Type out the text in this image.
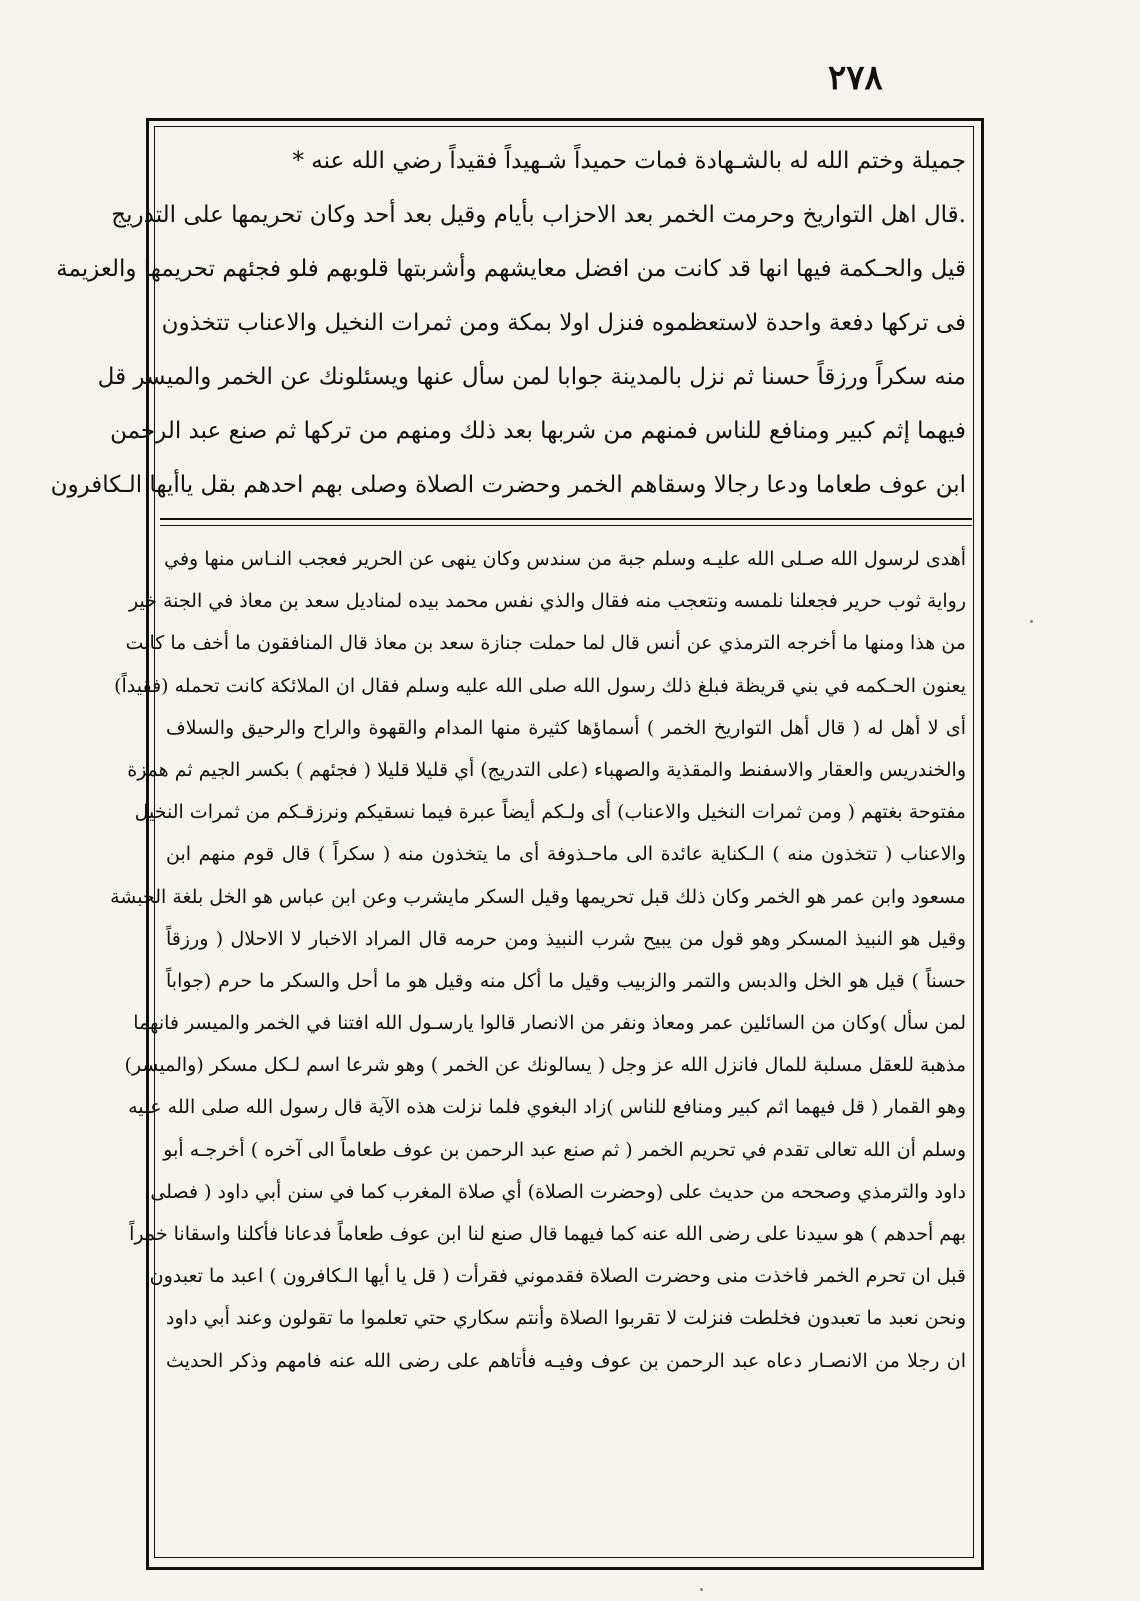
٢٧٨
جميلة وختم الله له بالشـهادة فمات حميداً شـهيداً فقيداً رضي الله عنه *
.قال اهل التواريخ وحرمت الخمر بعد الاحزاب بأيام وقيل بعد أحد وكان تحريمها على التدريج
قيل والحـكمة فيها انها قد كانت من افضل معايشهم وأشربتها قلوبهم فلو فجئهم تحريمها والعزيمة
فى تركها دفعة واحدة لاستعظموه فنزل اولا بمكة ومن ثمرات النخيل والاعناب تتخذون
منه سكراً ورزقاً حسنا ثم نزل بالمدينة جوابا لمن سأل عنها ويسئلونك عن الخمر والميسر قل
فيهما إثم كبير ومنافع للناس فمنهم من شربها بعد ذلك ومنهم من تركها ثم صنع عبد الرحمن
ابن عوف طعاما ودعا رجالا وسقاهم الخمر وحضرت الصلاة وصلى بهم احدهم بقل ياأيها الـكافرون
أهدى لرسول الله صـلى الله عليـه وسلم جبة من سندس وكان ينهى عن الحرير فعجب النـاس منها وفي
رواية ثوب حرير فجعلنا نلمسه ونتعجب منه فقال والذي نفس محمد بيده لمناديل سعد بن معاذ في الجنة خير
من هذا ومنها ما أخرجه الترمذي عن أنس قال لما حملت جنازة سعد بن معاذ قال المنافقون ما أخف ما كانت
يعنون الحـكمه في بني قريظة فبلغ ذلك رسول الله صلى الله عليه وسلم فقال ان الملائكة كانت تحمله (فقيداً)
أى لا أهل له ( قال أهل التواريخ الخمر ) أسماؤها كثيرة منها المدام والقهوة والراح والرحيق والسلاف
والخندريس والعقار والاسفنط والمقذية والصهباء (على التدريج) أي قليلا قليلا ( فجئهم ) بكسر الجيم ثم همزة
مفتوحة بغتهم ( ومن ثمرات النخيل والاعناب) أى ولـكم أيضاً عبرة فيما نسقيكم ونرزقـكم من ثمرات النخيل
والاعناب ( تتخذون منه ) الـكناية عائدة الى ماحـذوفة أى ما يتخذون منه ( سكراً ) قال قوم منهم ابن
مسعود وابن عمر هو الخمر وكان ذلك قبل تحريمها وقيل السكر مايشرب وعن ابن عباس هو الخل بلغة الحبشة
وقيل هو النبيذ المسكر وهو قول من يبيح شرب النبيذ ومن حرمه قال المراد الاخبار لا الاحلال ( ورزقاً
حسناً ) قيل هو الخل والدبس والتمر والزبيب وقيل ما أكل منه وقيل هو ما أحل والسكر ما حرم (جواباً
لمن سأل )وكان من السائلين عمر ومعاذ ونفر من الانصار قالوا يارسـول الله افتنا في الخمر والميسر فانهما
مذهبة للعقل مسلبة للمال فانزل الله عز وجل ( يسالونك عن الخمر ) وهو شرعا اسم لـكل مسكر (والميسر)
وهو القمار ( قل فيهما اثم كبير ومنافع للناس )زاد البغوي فلما نزلت هذه الآية قال رسول الله صلى الله عليه
وسلم أن الله تعالى تقدم في تحريم الخمر ( ثم صنع عبد الرحمن بن عوف طعاماً الى آخره ) أخرجـه أبو
داود والترمذي وصححه من حديث على (وحضرت الصلاة) أي صلاة المغرب كما في سنن أبي داود ( فصلى
بهم أحدهم ) هو سيدنا على رضى الله عنه كما فيهما قال صنع لنا ابن عوف طعاماً فدعانا فأكلنا واسقانا خمراً
قبل ان تحرم الخمر فاخذت منى وحضرت الصلاة فقدموني فقرأت ( قل يا أيها الـكافرون ) اعبد ما تعبدون
ونحن نعبد ما تعبدون فخلطت فنزلت لا تقربوا الصلاة وأنتم سكاري حتي تعلموا ما تقولون وعند أبي داود
ان رجلا من الانصـار دعاه عبد الرحمن بن عوف وفيـه فأتاهم على رضى الله عنه فامهم وذكر الحديث
